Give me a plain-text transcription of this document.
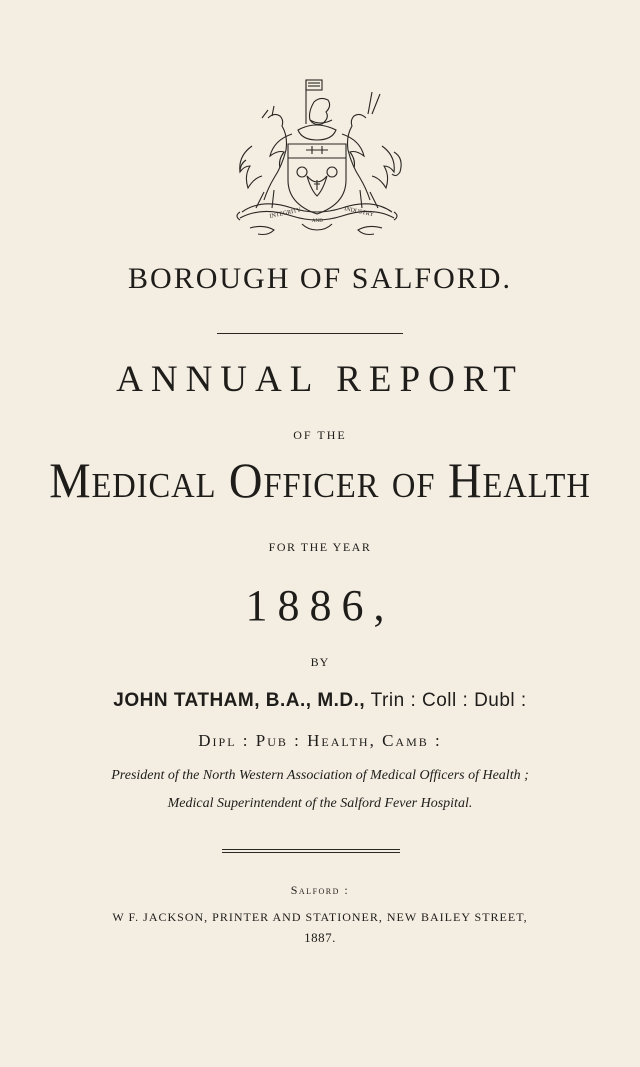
INTEGRITY
AND
INDUSTRY
BOROUGH OF SALFORD.
ANNUAL REPORT
OF THE
Medical Officer of Health
FOR THE YEAR
1886,
BY
JOHN TATHAM, B.A., M.D., Trin : Coll : Dubl :
Dipl : Pub : Health, Camb :
President of the North Western Association of Medical Officers of Health ;
Medical Superintendent of the Salford Fever Hospital.
Salford :
W F. JACKSON, PRINTER AND STATIONER, NEW BAILEY STREET,
1887.
